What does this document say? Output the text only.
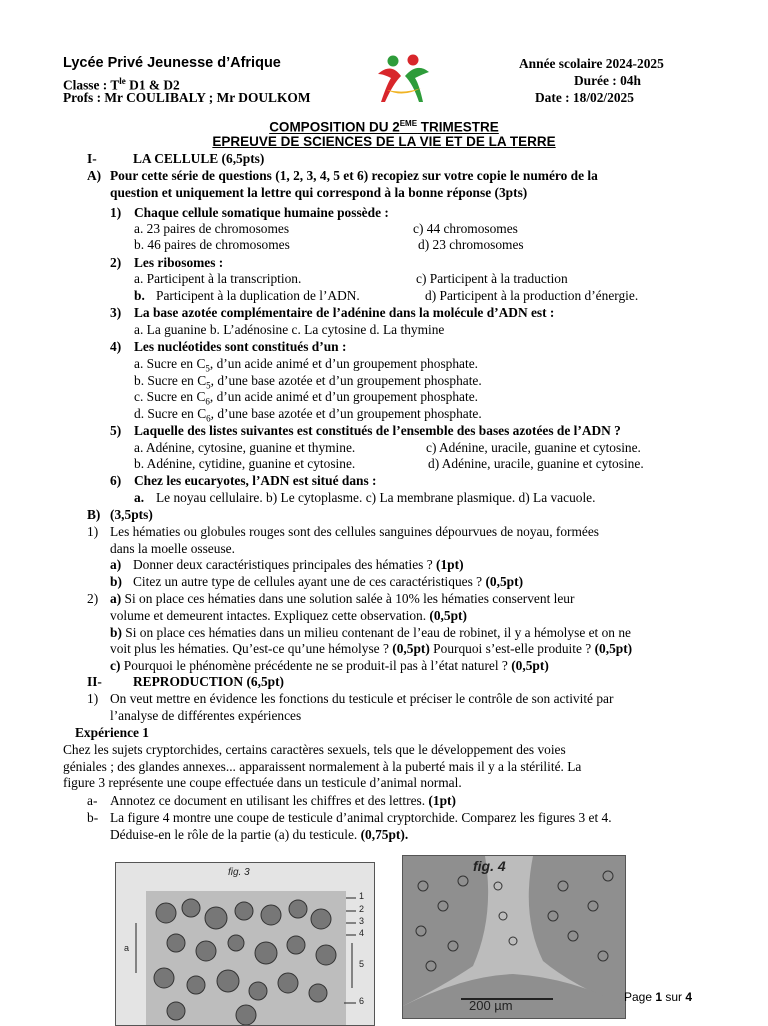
Lycée Privé Jeunesse d’Afrique
Classe : $T^{le}$ D1 & D2
Profs : Mr COULIBALY ; Mr DOULKOM
Année scolaire 2024-2025
Durée : 04h
Date : 18/02/2025
COMPOSITION DU 2EME TRIMESTRE
EPREUVE DE SCIENCES DE LA VIE ET DE LA TERRE
I-	LA CELLULE (6,5pts)
A) Pour cette série de questions (1, 2, 3, 4, 5 et 6) recopiez sur votre copie le numéro de la
question et uniquement la lettre qui correspond à la bonne réponse (3pts)
1) Chaque cellule somatique humaine possède :
a. 23 paires de chromosomes	c) 44 chromosomes
b. 46 paires de chromosomes	d) 23 chromosomes
2) Les ribosomes :
a. Participent à la transcription.	c) Participent à la traduction
b. Participent à la duplication de l’ADN.	d) Participent à la production d’énergie.
3) La base azotée complémentaire de l’adénine dans la molécule d’ADN est :
a. La guanine b. L’adénosine c. La cytosine d. La thymine
4) Les nucléotides sont constitués d’un :
a. Sucre en $C_5$, d’un acide animé et d’un groupement phosphate.
b. Sucre en $C_5$, d’une base azotée et d’un groupement phosphate.
c. Sucre en $C_6$, d’un acide animé et d’un groupement phosphate.
d. Sucre en $C_6$, d’une base azotée et d’un groupement phosphate.
5) Laquelle des listes suivantes est constitués de l’ensemble des bases azotées de l’ADN ?
a. Adénine, cytosine, guanine et thymine.	c) Adénine, uracile, guanine et cytosine.
b. Adénine, cytidine, guanine et cytosine.	d) Adénine, uracile, guanine et cytosine.
6) Chez les eucaryotes, l’ADN est situé dans :
a. Le noyau cellulaire. b) Le cytoplasme. c) La membrane plasmique. d) La vacuole.
B) (3,5pts)
1) Les hématies ou globules rouges sont des cellules sanguines dépourvues de noyau, formées
dans la moelle osseuse.
a) Donner deux caractéristiques principales des hématies ? (1pt)
b) Citez un autre type de cellules ayant une de ces caractéristiques ? (0,5pt)
2) a) Si on place ces hématies dans une solution salée à 10% les hématies conservent leur
volume et demeurent intactes. Expliquez cette observation. (0,5pt)
b) Si on place ces hématies dans un milieu contenant de l’eau de robinet, il y a hémolyse et on ne
voit plus les hématies. Qu’est-ce qu’une hémolyse ? (0,5pt) Pourquoi s’est-elle produite ? (0,5pt)
c) Pourquoi le phénomène précédente ne se produit-il pas à l’état naturel ? (0,5pt)
II- REPRODUCTION (6,5pt)
1) On veut mettre en évidence les fonctions du testicule et préciser le contrôle de son activité par
l’analyse de différentes expériences
Expérience 1
Chez les sujets cryptorchides, certains caractères sexuels, tels que le développement des voies
géniales ; des glandes annexes... apparaissent normalement à la puberté mais il y a la stérilité. La
figure 3 représente une coupe effectuée dans un testicule d’animal normal.
a- Annotez ce document en utilisant les chiffres et des lettres. (1pt)
b- La figure 4 montre une coupe de testicule d’animal cryptorchide. Comparez les figures 3 et 4.
Déduise-en le rôle de la partie (a) du testicule. (0,75pt).
fig. 3
1
2
3
4
5
6
a
fig. 4
200 µm
Page 1 sur 4
